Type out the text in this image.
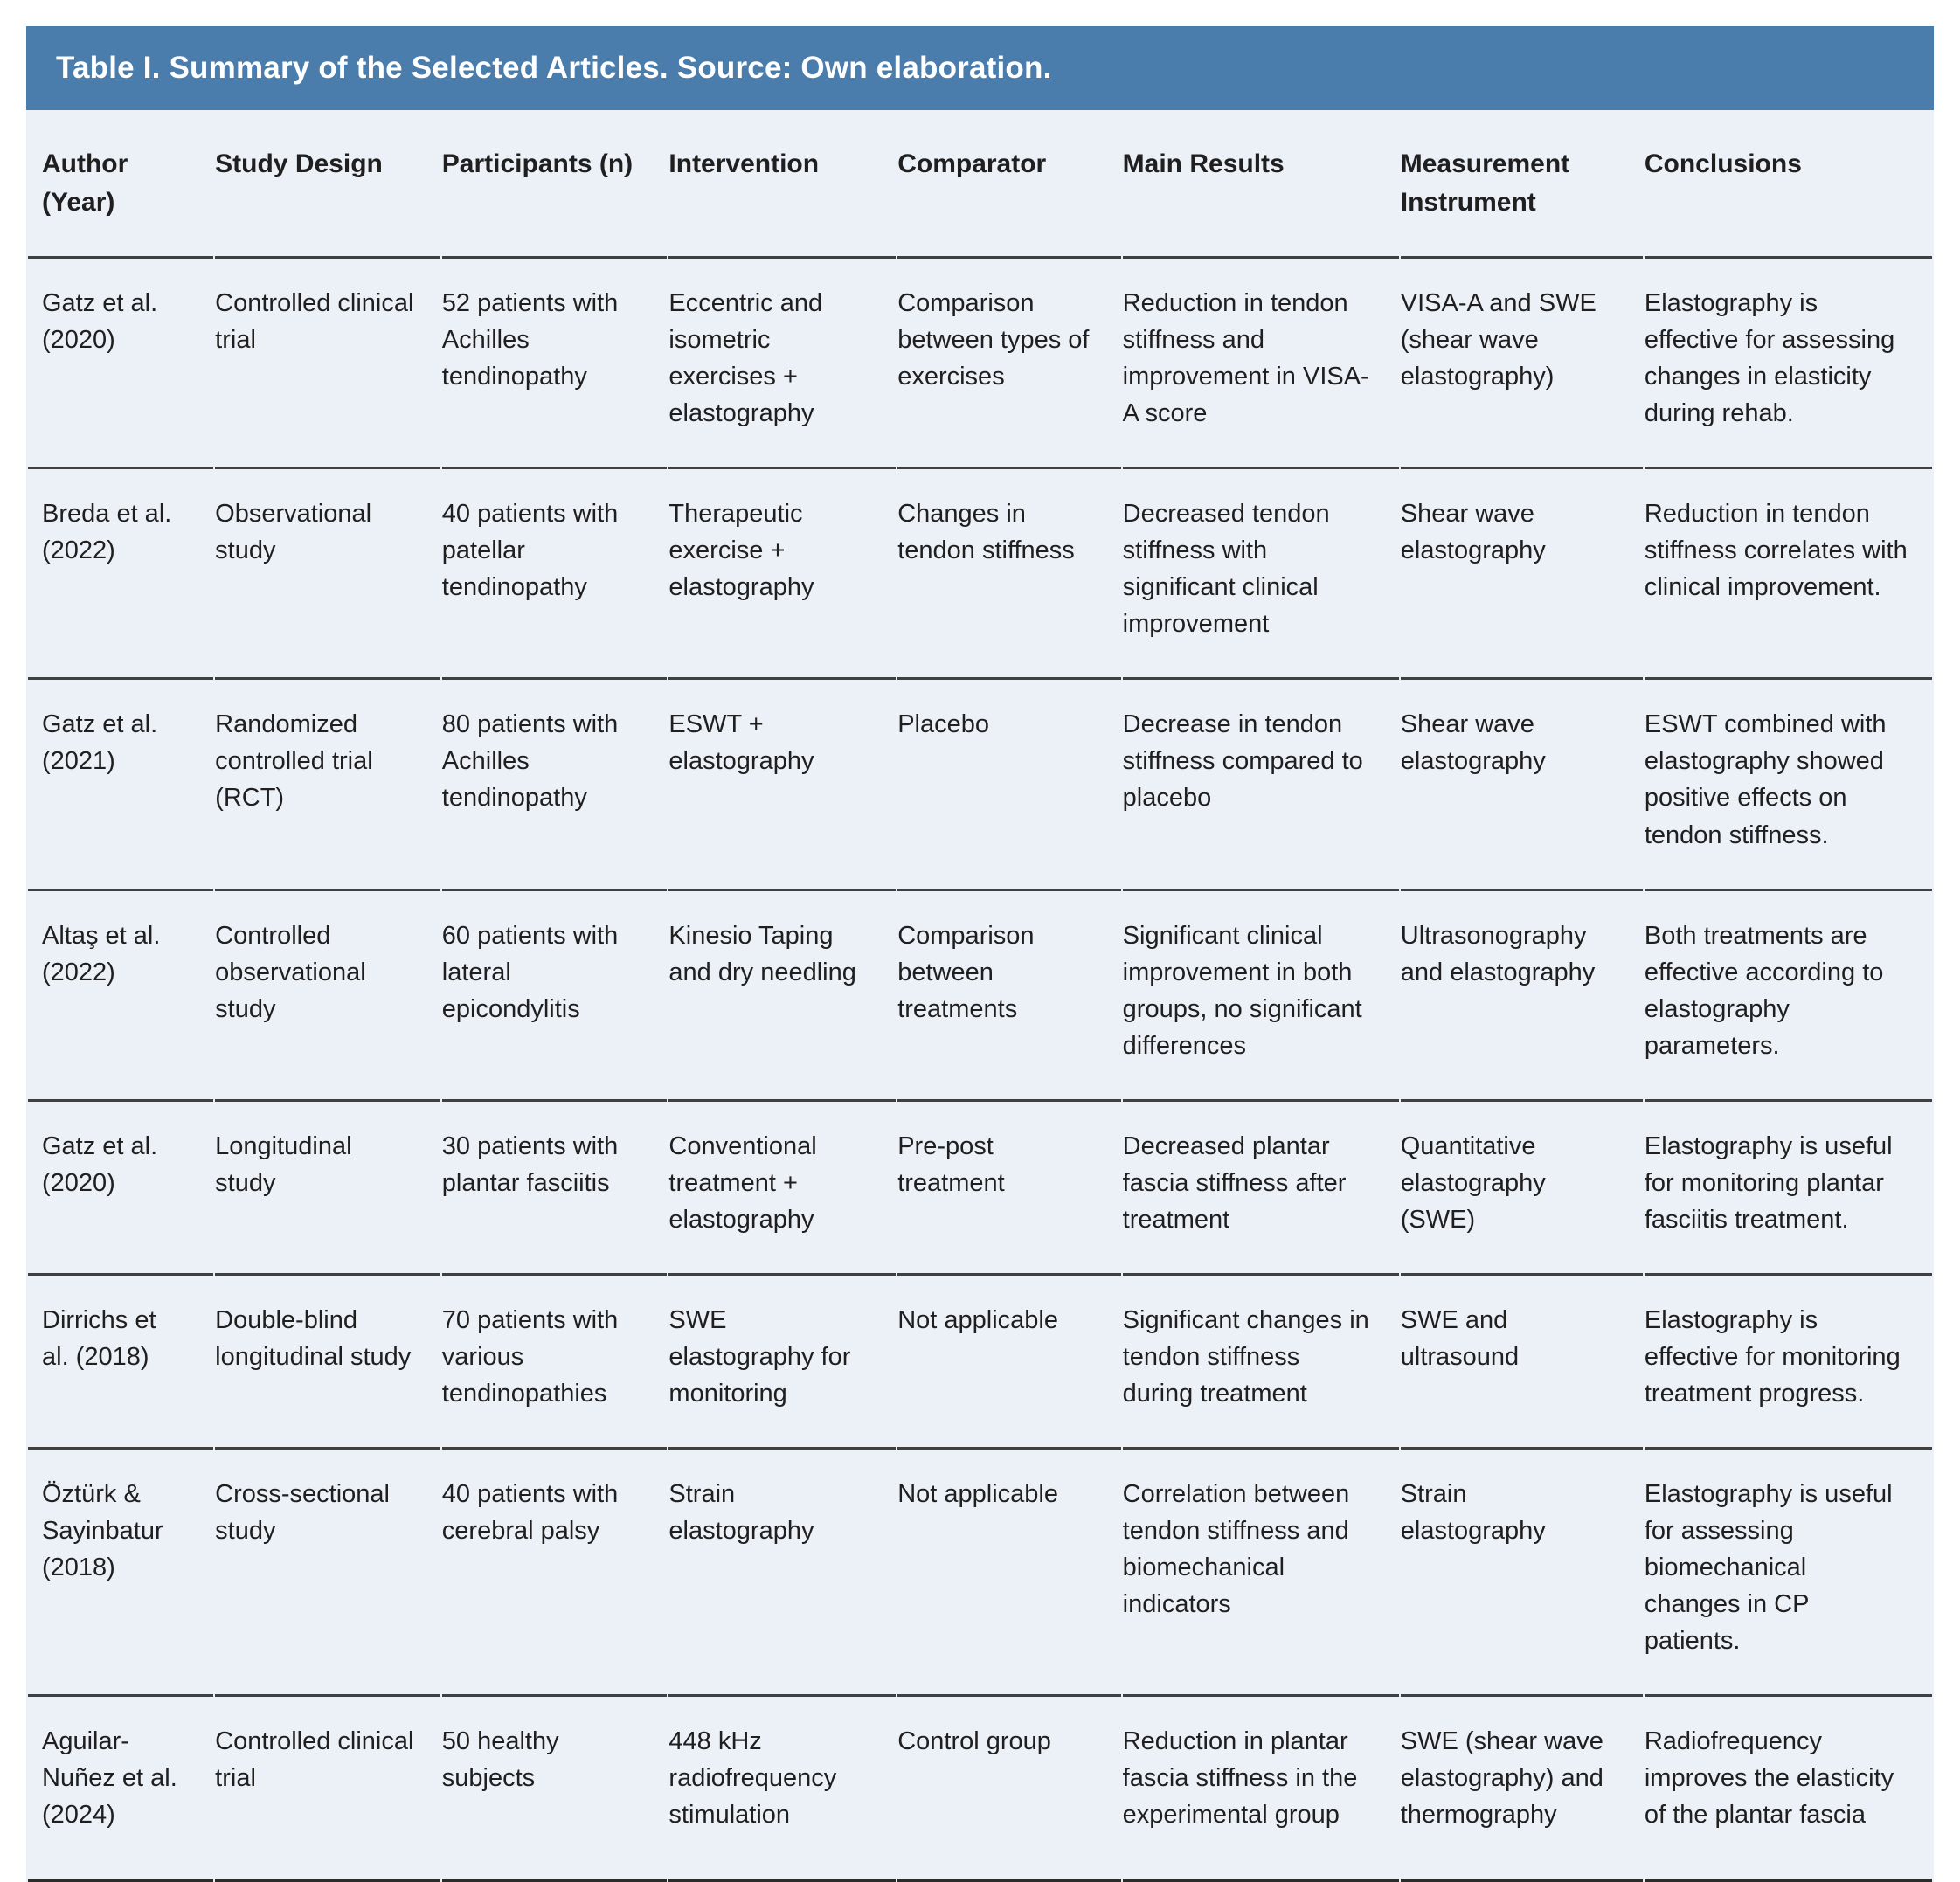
Table I. Summary of the Selected Articles. Source: Own elaboration.
Author (Year)	Study Design	Participants (n)	Intervention	Comparator	Main Results	Measurement Instrument	Conclusions
Gatz et al. (2020)	Controlled clinical trial	52 patients with Achilles tendinopathy	Eccentric and isometric exercises + elastography	Comparison between types of exercises	Reduction in tendon stiffness and improvement in VISA-A score	VISA-A and SWE (shear wave elastography)	Elastography is effective for assessing changes in elasticity during rehab.
Breda et al. (2022)	Observational study	40 patients with patellar tendinopathy	Therapeutic exercise + elastography	Changes in tendon stiffness	Decreased tendon stiffness with significant clinical improvement	Shear wave elastography	Reduction in tendon stiffness correlates with clinical improvement.
Gatz et al. (2021)	Randomized controlled trial (RCT)	80 patients with Achilles tendinopathy	ESWT + elastography	Placebo	Decrease in tendon stiffness compared to placebo	Shear wave elastography	ESWT combined with elastography showed positive effects on tendon stiffness.
Altaş et al. (2022)	Controlled observational study	60 patients with lateral epicondylitis	Kinesio Taping and dry needling	Comparison between treatments	Significant clinical improvement in both groups, no significant differences	Ultrasonography and elastography	Both treatments are effective according to elastography parameters.
Gatz et al. (2020)	Longitudinal study	30 patients with plantar fasciitis	Conventional treatment + elastography	Pre-post treatment	Decreased plantar fascia stiffness after treatment	Quantitative elastography (SWE)	Elastography is useful for monitoring plantar fasciitis treatment.
Dirrichs et al. (2018)	Double-blind longitudinal study	70 patients with various tendinopathies	SWE elastography for monitoring	Not applicable	Significant changes in tendon stiffness during treatment	SWE and ultrasound	Elastography is effective for monitoring treatment progress.
Öztürk & Sayinbatur (2018)	Cross-sectional study	40 patients with cerebral palsy	Strain elastography	Not applicable	Correlation between tendon stiffness and biomechanical indicators	Strain elastography	Elastography is useful for assessing biomechanical changes in CP patients.
Aguilar-Nuñez et al. (2024)	Controlled clinical trial	50 healthy subjects	448 kHz radiofrequency stimulation	Control group	Reduction in plantar fascia stiffness in the experimental group	SWE (shear wave elastography) and thermography	Radiofrequency improves the elasticity of the plantar fascia
